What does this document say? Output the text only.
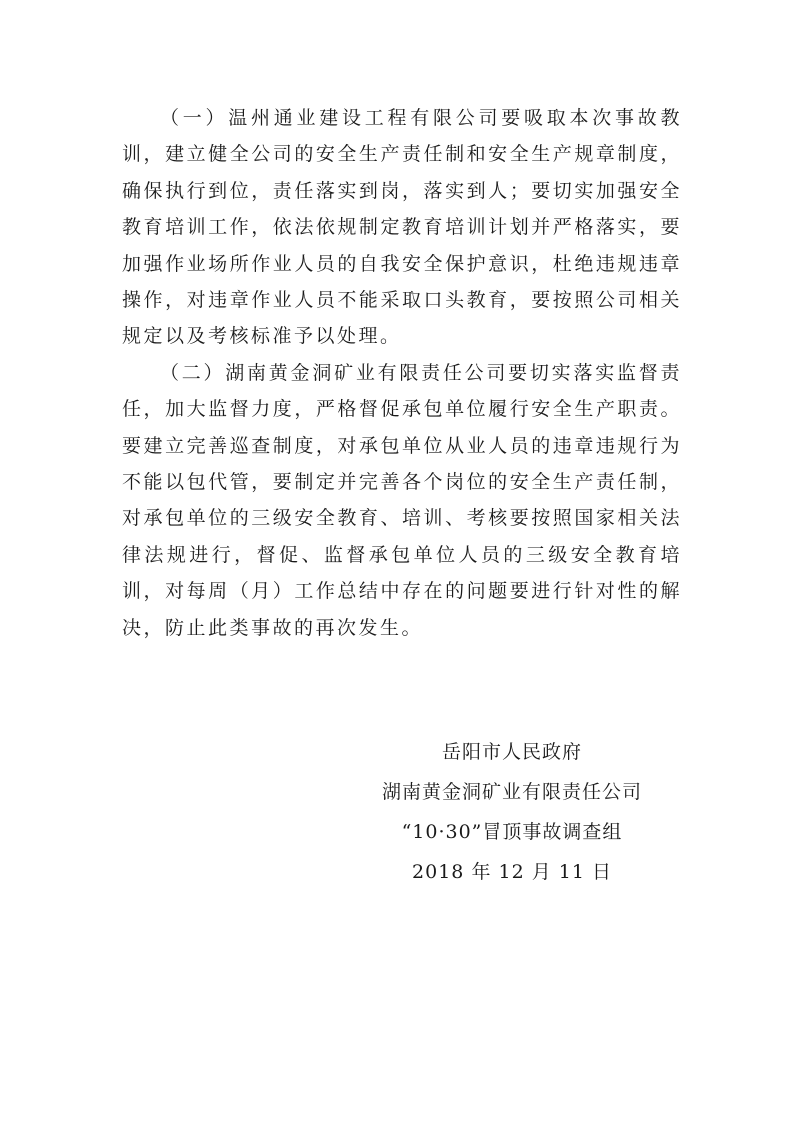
（一）温州通业建设工程有限公司要吸取本次事故教训，建立健全公司的安全生产责任制和安全生产规章制度，确保执行到位，责任落实到岗，落实到人；要切实加强安全教育培训工作，依法依规制定教育培训计划并严格落实，要加强作业场所作业人员的自我安全保护意识，杜绝违规违章操作，对违章作业人员不能采取口头教育，要按照公司相关规定以及考核标准予以处理。

（二）湖南黄金洞矿业有限责任公司要切实落实监督责任，加大监督力度，严格督促承包单位履行安全生产职责。要建立完善巡查制度，对承包单位从业人员的违章违规行为不能以包代管，要制定并完善各个岗位的安全生产责任制，对承包单位的三级安全教育、培训、考核要按照国家相关法律法规进行，督促、监督承包单位人员的三级安全教育培训，对每周（月）工作总结中存在的问题要进行针对性的解决，防止此类事故的再次发生。

岳阳市人民政府
湖南黄金洞矿业有限责任公司
“10·30”冒顶事故调查组
2018 年 12 月 11 日
